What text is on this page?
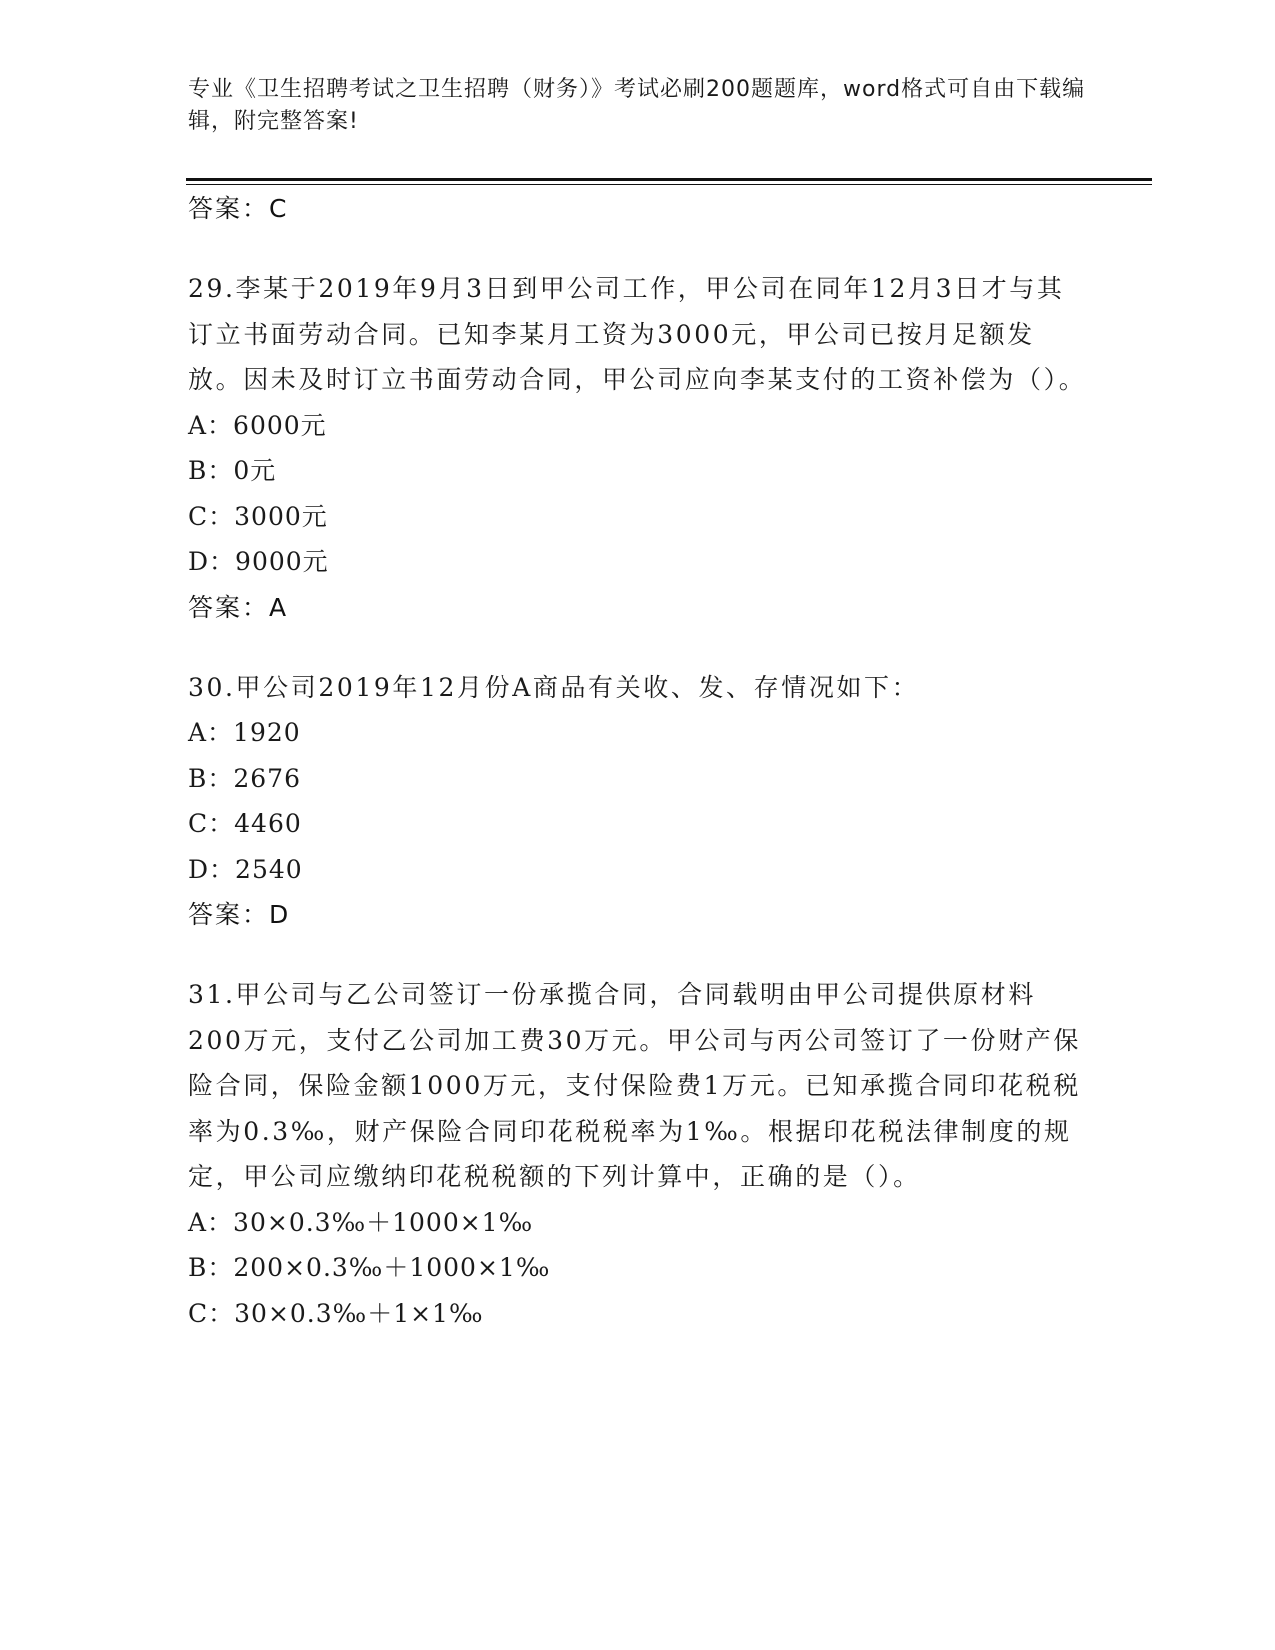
专业《卫生招聘考试之卫生招聘（财务）》考试必刷200题题库，word格式可自由下载编辑，附完整答案!
答案：C

29.李某于2019年9月3日到甲公司工作，甲公司在同年12月3日才与其订立书面劳动合同。已知李某月工资为3000元，甲公司已按月足额发放。因未及时订立书面劳动合同，甲公司应向李某支付的工资补偿为（）。

A：6000元
B：0元
C：3000元
D：9000元
答案：A

30.甲公司2019年12月份A商品有关收、发、存情况如下：

A：1920
B：2676
C：4460
D：2540
答案：D

31.甲公司与乙公司签订一份承揽合同，合同载明由甲公司提供原材料200万元，支付乙公司加工费30万元。甲公司与丙公司签订了一份财产保险合同，保险金额1000万元，支付保险费1万元。已知承揽合同印花税税率为0.3‰，财产保险合同印花税税率为1‰。根据印花税法律制度的规定，甲公司应缴纳印花税税额的下列计算中，正确的是（）。

A：30×0.3‰＋1000×1‰
B：200×0.3‰＋1000×1‰
C：30×0.3‰＋1×1‰
